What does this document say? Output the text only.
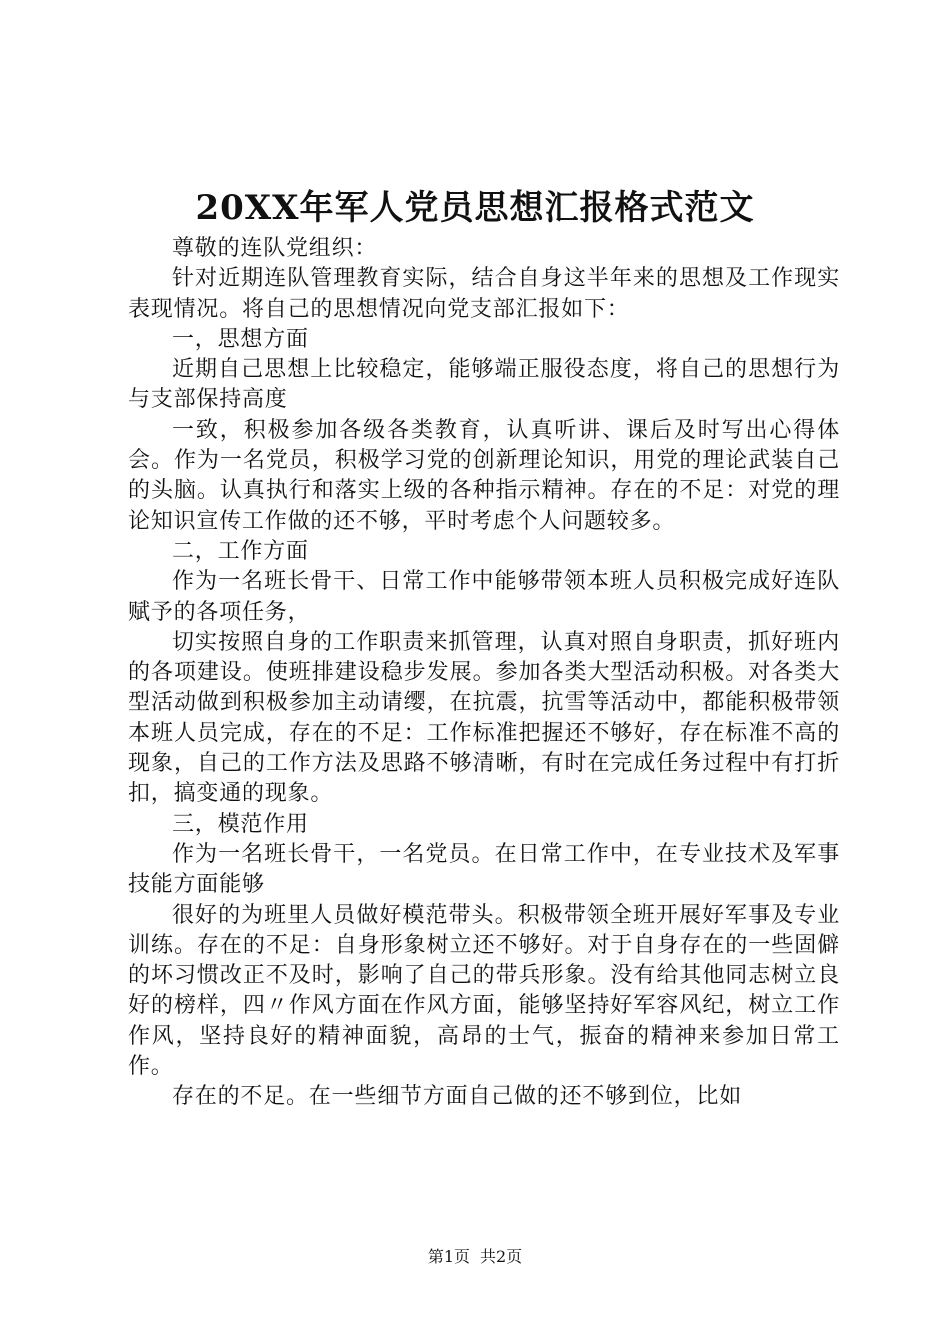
20XX年军人党员思想汇报格式范文

尊敬的连队党组织：

针对近期连队管理教育实际，结合自身这半年来的思想及工作现实表现情况。将自己的思想情况向党支部汇报如下：

一，思想方面

近期自己思想上比较稳定，能够端正服役态度，将自己的思想行为与支部保持高度

一致，积极参加各级各类教育，认真听讲、课后及时写出心得体会。作为一名党员，积极学习党的创新理论知识，用党的理论武装自己的头脑。认真执行和落实上级的各种指示精神。存在的不足：对党的理论知识宣传工作做的还不够，平时考虑个人问题较多。

二，工作方面

作为一名班长骨干、日常工作中能够带领本班人员积极完成好连队赋予的各项任务，

切实按照自身的工作职责来抓管理，认真对照自身职责，抓好班内的各项建设。使班排建设稳步发展。参加各类大型活动积极。对各类大型活动做到积极参加主动请缨，在抗震，抗雪等活动中，都能积极带领本班人员完成，存在的不足：工作标准把握还不够好，存在标准不高的现象，自己的工作方法及思路不够清晰，有时在完成任务过程中有打折扣，搞变通的现象。

三，模范作用

作为一名班长骨干，一名党员。在日常工作中，在专业技术及军事技能方面能够

很好的为班里人员做好模范带头。积极带领全班开展好军事及专业训练。存在的不足：自身形象树立还不够好。对于自身存在的一些固僻的坏习惯改正不及时，影响了自己的带兵形象。没有给其他同志树立良好的榜样，四〃作风方面在作风方面，能够坚持好军容风纪，树立工作作风，坚持良好的精神面貌，高昂的士气，振奋的精神来参加日常工作。

存在的不足。在一些细节方面自己做的还不够到位，比如

第1页 共2页
